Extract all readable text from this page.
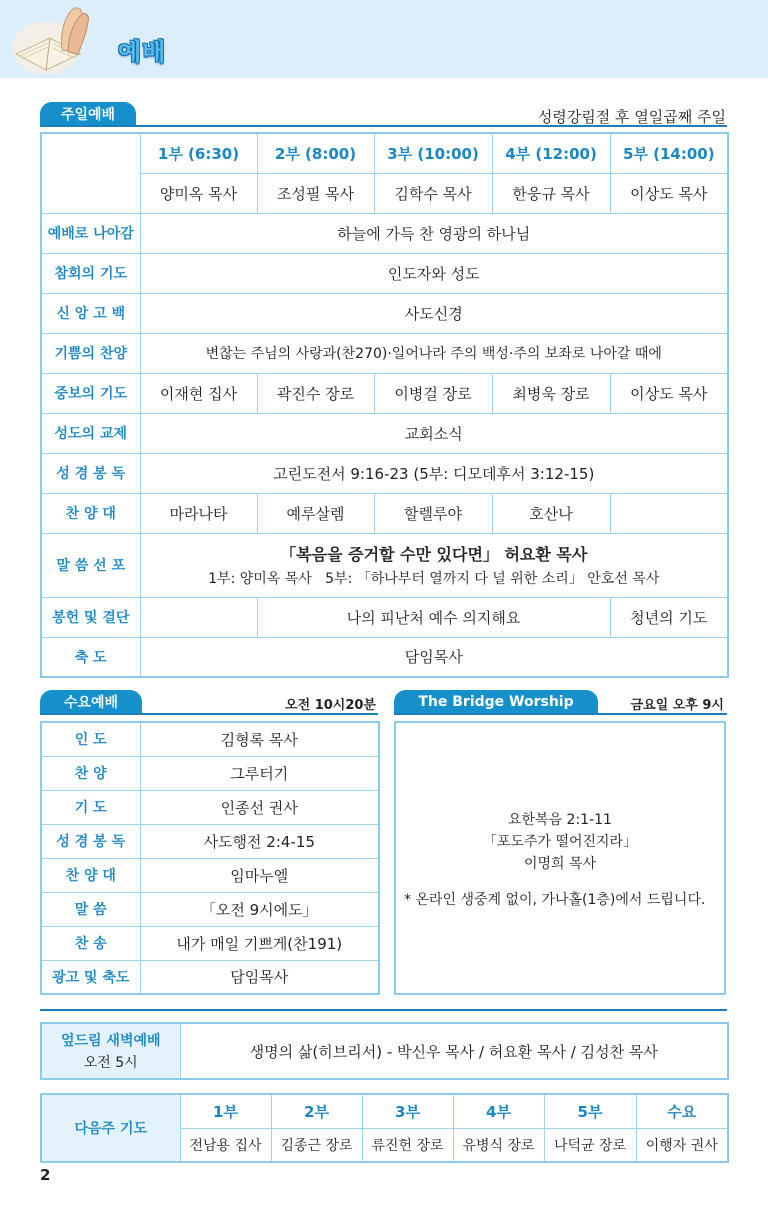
예배
주일예배	성령강림절 후 열일곱째 주일
	1부 (6:30)	2부 (8:00)	3부 (10:00)	4부 (12:00)	5부 (14:00)
	양미옥 목사	조성필 목사	김학수 목사	한웅규 목사	이상도 목사
예배로 나아감	하늘에 가득 찬 영광의 하나님				
참회의 기도	인도자와 성도				
신 앙 고 백	사도신경				
기쁨의 찬양	변찮는 주님의 사랑과(찬270)·일어나라 주의 백성·주의 보좌로 나아갈 때에				
중보의 기도	이재현 집사	곽진수 장로	이병걸 장로	최병욱 장로	이상도 목사
성도의 교제	교회소식				
성 경 봉 독	고린도전서 9:16-23 (5부: 디모데후서 3:12-15)				
찬 양 대	마라나타	예루살렘	할렐루야	호산나	
말 씀 선 포	「복음을 증거할 수만 있다면」 허요환 목사
1부: 양미옥 목사   5부: 「하나부터 열까지 다 널 위한 소리」 안호선 목사				

봉헌 및 결단		나의 피난처 예수 의지해요			청년의 기도
축 도	담임목사				
수요예배	오전 10시20분
인 도	김형록 목사
찬 양	그루터기
기 도	인종선 권사
성 경 봉 독	사도행전 2:4-15
찬 양 대	임마누엘
말 씀	「오전 9시에도」
찬 송	내가 매일 기쁘게(찬191)
광고 및 축도	담임목사
The Bridge Worship	금요일 오후 9시
요한복음 2:1-11
「포도주가 떨어진지라」
이명희 목사
* 온라인 생중계 없이, 가나홀(1층)에서 드립니다.
엎드림 새벽예배
오전 5시
	생명의 삶(히브리서) - 박신우 목사 / 허요환 목사 / 김성찬 목사
다음주 기도	1부	2부	3부	4부	5부	수요
	전남용 집사	김종근 장로	류진헌 장로	유병식 장로	나덕균 장로	이행자 권사
2
